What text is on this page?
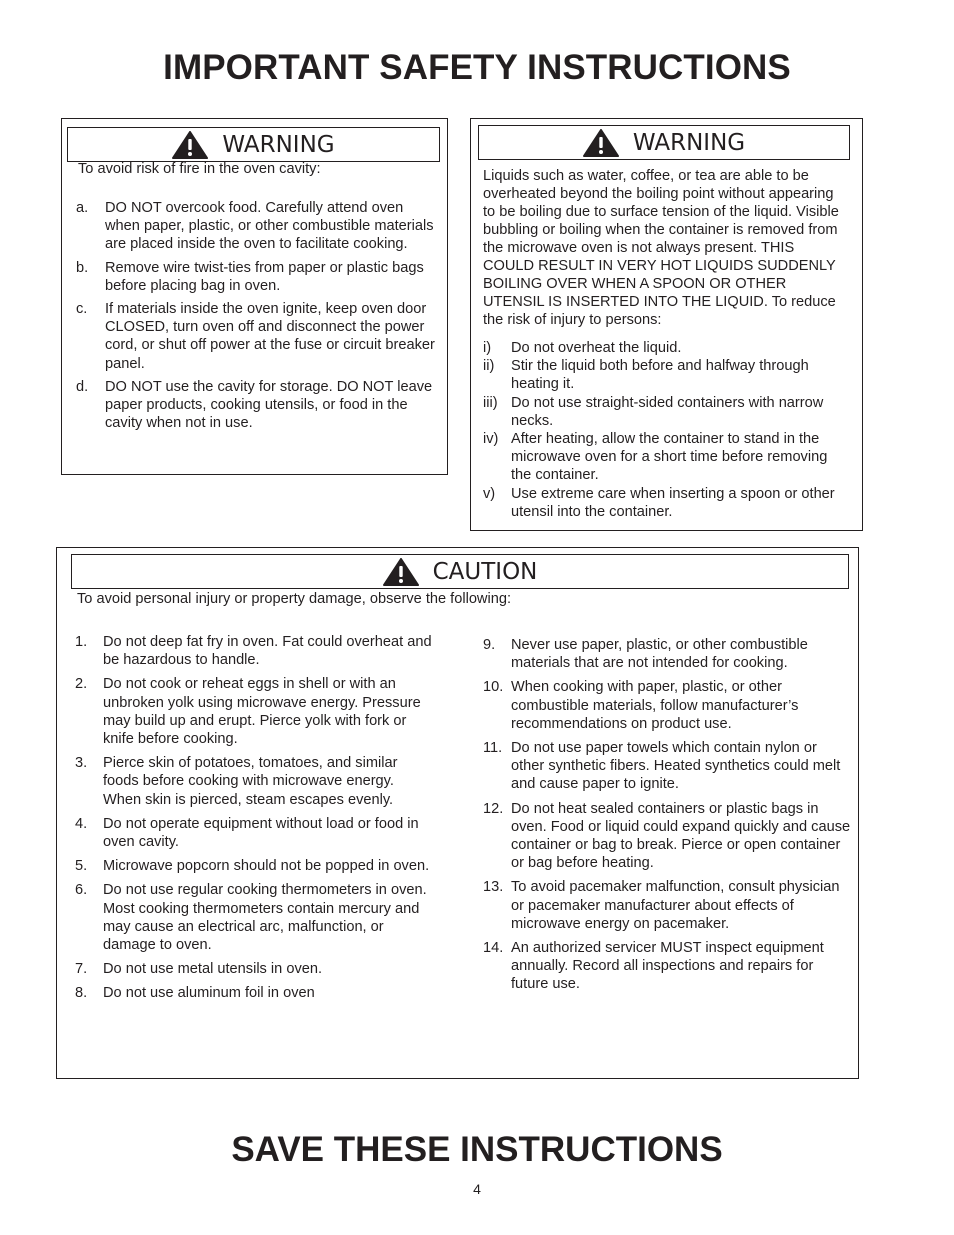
IMPORTANT SAFETY INSTRUCTIONS
WARNING
To avoid risk of fire in the oven cavity:
a. DO NOT overcook food. Carefully attend oven when paper, plastic, or other combustible materials are placed inside the oven to facilitate cooking.
b. Remove wire twist-ties from paper or plastic bags before placing bag in oven.
c. If materials inside the oven ignite, keep oven door CLOSED, turn oven off and disconnect the power cord, or shut off power at the fuse or circuit breaker panel.
d. DO NOT use the cavity for storage. DO NOT leave paper products, cooking utensils, or food in the cavity when not in use.
WARNING
Liquids such as water, coffee, or tea are able to be overheated beyond the boiling point without appearing to be boiling due to surface tension of the liquid. Visible bubbling or boiling when the container is removed from the microwave oven is not always present. THIS COULD RESULT IN VERY HOT LIQUIDS SUDDENLY BOILING OVER WHEN A SPOON OR OTHER UTENSIL IS INSERTED INTO THE LIQUID. To reduce the risk of injury to persons:
i) Do not overheat the liquid.
ii) Stir the liquid both before and halfway through heating it.
iii) Do not use straight-sided containers with narrow necks.
iv) After heating, allow the container to stand in the microwave oven for a short time before removing the container.
v) Use extreme care when inserting a spoon or other utensil into the container.
CAUTION
To avoid personal injury or property damage, observe the following:
1. Do not deep fat fry in oven. Fat could overheat and be hazardous to handle.
2. Do not cook or reheat eggs in shell or with an unbroken yolk using microwave energy. Pressure may build up and erupt. Pierce yolk with fork or knife before cooking.
3. Pierce skin of potatoes, tomatoes, and similar foods before cooking with microwave energy. When skin is pierced, steam escapes evenly.
4. Do not operate equipment without load or food in oven cavity.
5. Microwave popcorn should not be popped in oven.
6. Do not use regular cooking thermometers in oven. Most cooking thermometers contain mercury and may cause an electrical arc, malfunction, or damage to oven.
7. Do not use metal utensils in oven.
8. Do not use aluminum foil in oven
9. Never use paper, plastic, or other combustible materials that are not intended for cooking.
10. When cooking with paper, plastic, or other combustible materials, follow manufacturer’s recommendations on product use.
11. Do not use paper towels which contain nylon or other synthetic fibers. Heated synthetics could melt and cause paper to ignite.
12. Do not heat sealed containers or plastic bags in oven. Food or liquid could expand quickly and cause container or bag to break. Pierce or open container or bag before heating.
13. To avoid pacemaker malfunction, consult physician or pacemaker manufacturer about effects of microwave energy on pacemaker.
14. An authorized servicer MUST inspect equipment annually. Record all inspections and repairs for future use.
SAVE THESE INSTRUCTIONS
4
